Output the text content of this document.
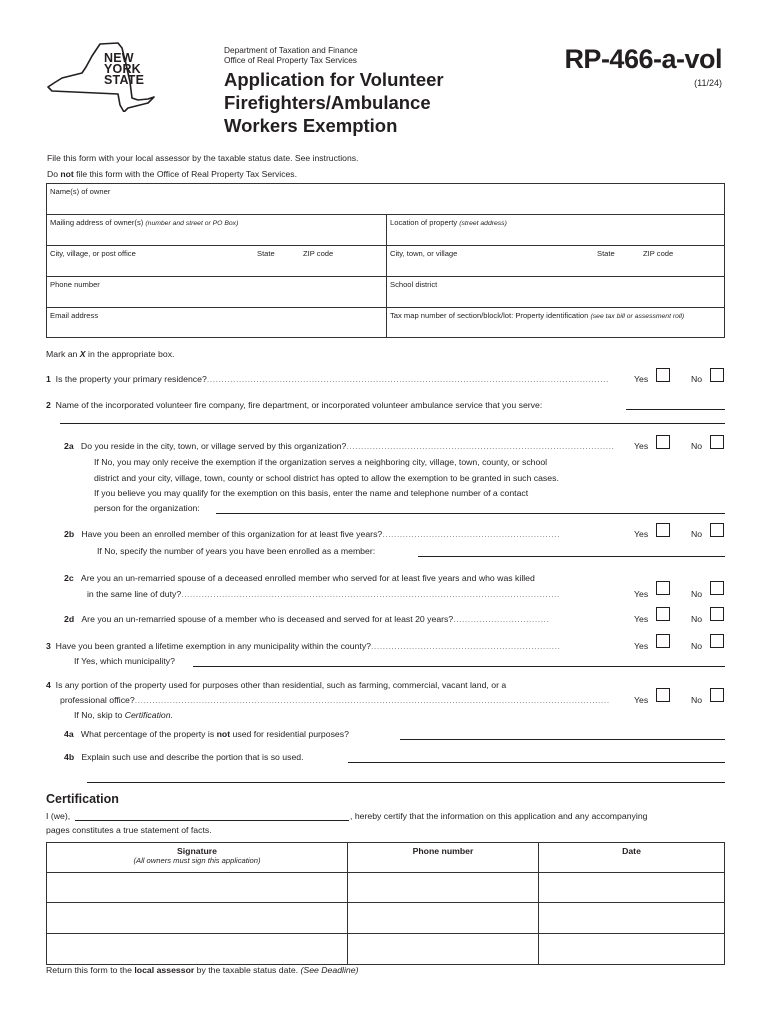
NEW
YORK
STATE
Department of Taxation and Finance
Office of Real Property Tax Services
Application for Volunteer
Firefighters/Ambulance
Workers Exemption
RP-466-a-vol
(11/24)
File this form with your local assessor by the taxable status date. See instructions.
Do not file this form with the Office of Real Property Tax Services.
Name(s) of owner
Mailing address of owner(s) (number and street or PO Box)	Location of property (street address)
City, village, or post office	State	ZIP code	City, town, or village	State	ZIP code
Phone number	School district
Email address	Tax map number of section/block/lot: Property identification (see tax bill or assessment roll)
Mark an X in the appropriate box.
1 Is the property your primary residence?..........................................................................................................................................	Yes	No
2 Name of the incorporated volunteer fire company, fire department, or incorporated volunteer ambulance service that you serve:
2a Do you reside in the city, town, or village served by this organization?............................................................................................ Yes	No
If No, you may only receive the exemption if the organization serves a neighboring city, village, town, county, or school
district and your city, village, town, county or school district has opted to allow the exemption to be granted in such cases.
If you believe you may qualify for the exemption on this basis, enter the name and telephone number of a contact
person for the organization:
2b Have you been an enrolled member of this organization for at least five years?.............................................................	Yes	No
If No, specify the number of years you have been enrolled as a member:
2c Are you an un-remarried spouse of a deceased enrolled member who served for at least five years and who was killed
in the same line of duty?..................................................................................................................................	Yes	No
2d Are you an un-remarried spouse of a member who is deceased and served for at least 20 years?.................................	Yes	No
3 Have you been granted a lifetime exemption in any municipality within the county?.................................................................	Yes	No
If Yes, which municipality?
4 Is any portion of the property used for purposes other than residential, such as farming, commercial, vacant land, or a
professional office?...................................................................................................................................................................	Yes	No
If No, skip to Certification.
4a What percentage of the property is not used for residential purposes?
4b Explain such use and describe the portion that is so used.
Certification
I (we),	, hereby certify that the information on this application and any accompanying
pages constitutes a true statement of facts.
Signature
(All owners must sign this application)	Phone number	Date

Return this form to the local assessor by the taxable status date. (See Deadline)
